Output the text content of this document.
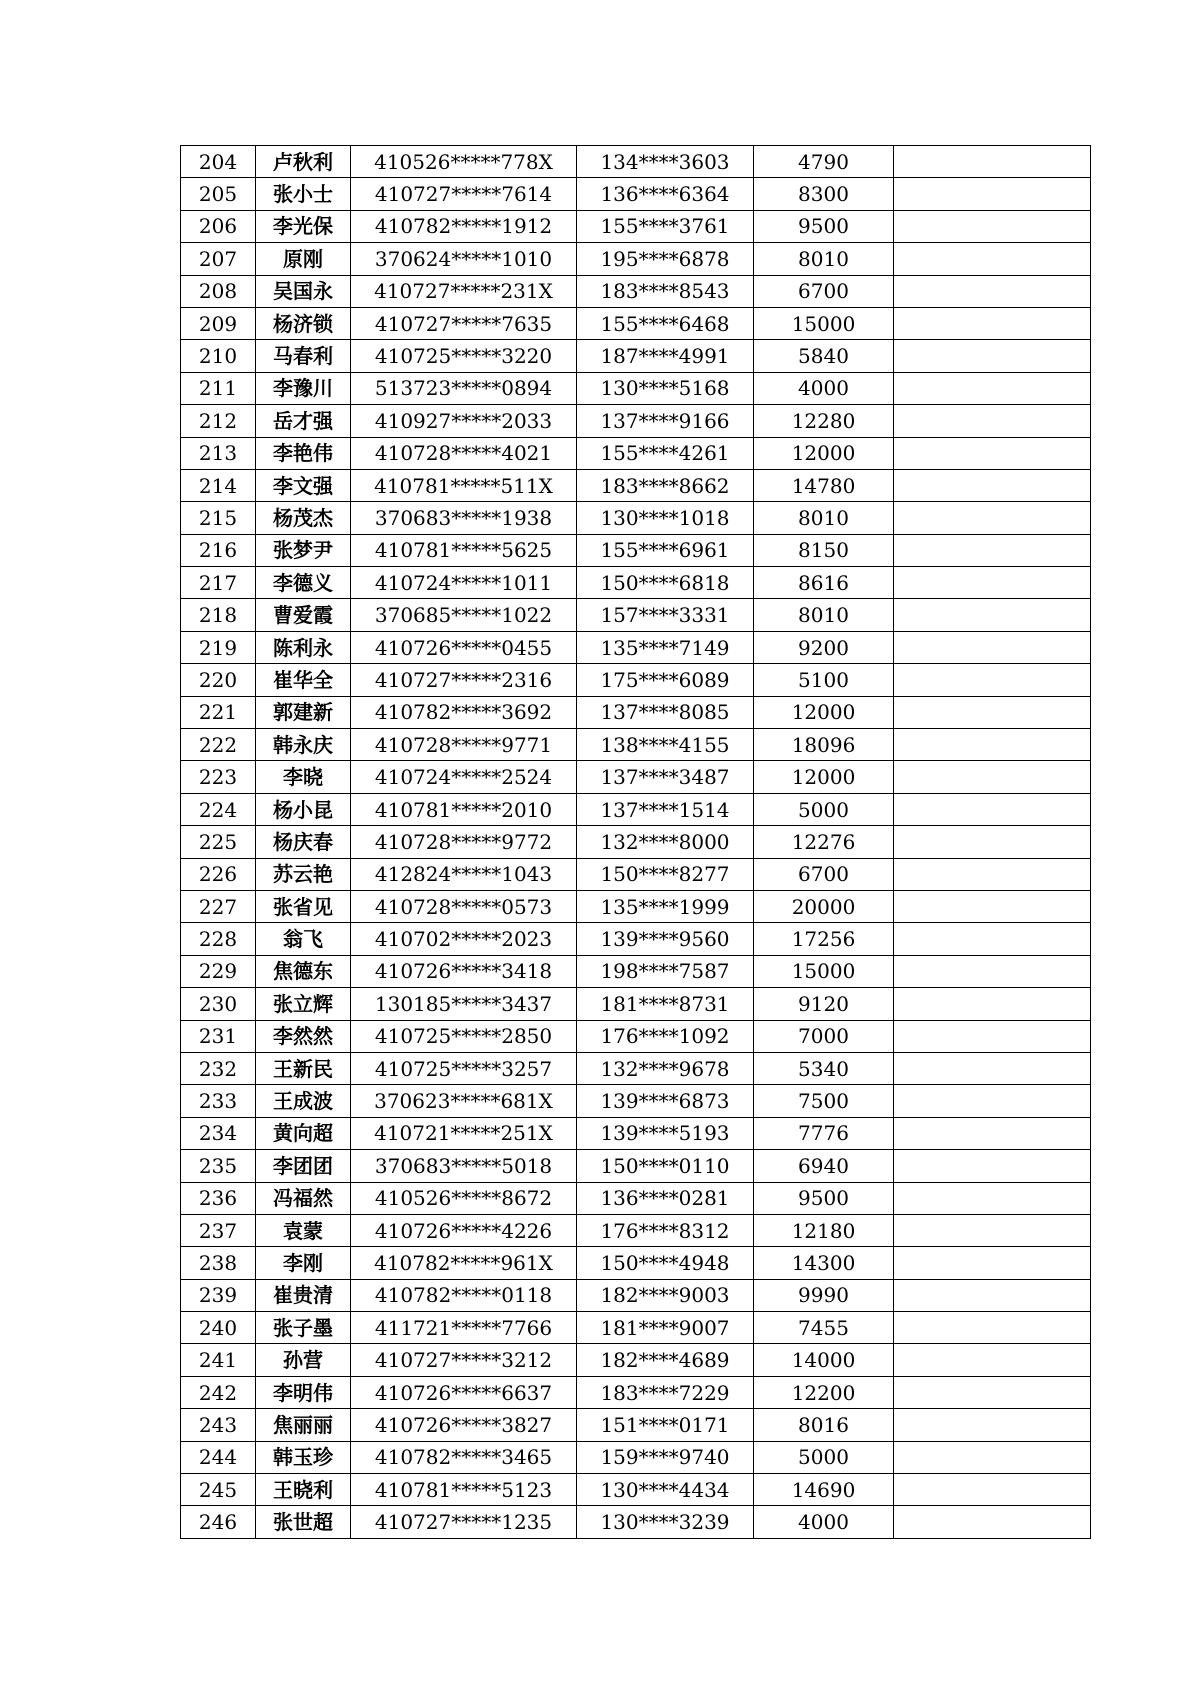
204	卢秋利	410526*****778X	134****3603	4790	
205	张小士	410727*****7614	136****6364	8300	
206	李光保	410782*****1912	155****3761	9500	
207	原刚	370624*****1010	195****6878	8010	
208	吴国永	410727*****231X	183****8543	6700	
209	杨济锁	410727*****7635	155****6468	15000	
210	马春利	410725*****3220	187****4991	5840	
211	李豫川	513723*****0894	130****5168	4000	
212	岳才强	410927*****2033	137****9166	12280	
213	李艳伟	410728*****4021	155****4261	12000	
214	李文强	410781*****511X	183****8662	14780	
215	杨茂杰	370683*****1938	130****1018	8010	
216	张梦尹	410781*****5625	155****6961	8150	
217	李德义	410724*****1011	150****6818	8616	
218	曹爱霞	370685*****1022	157****3331	8010	
219	陈利永	410726*****0455	135****7149	9200	
220	崔华全	410727*****2316	175****6089	5100	
221	郭建新	410782*****3692	137****8085	12000	
222	韩永庆	410728*****9771	138****4155	18096	
223	李晓	410724*****2524	137****3487	12000	
224	杨小昆	410781*****2010	137****1514	5000	
225	杨庆春	410728*****9772	132****8000	12276	
226	苏云艳	412824*****1043	150****8277	6700	
227	张省见	410728*****0573	135****1999	20000	
228	翁飞	410702*****2023	139****9560	17256	
229	焦德东	410726*****3418	198****7587	15000	
230	张立辉	130185*****3437	181****8731	9120	
231	李然然	410725*****2850	176****1092	7000	
232	王新民	410725*****3257	132****9678	5340	
233	王成波	370623*****681X	139****6873	7500	
234	黄向超	410721*****251X	139****5193	7776	
235	李团团	370683*****5018	150****0110	6940	
236	冯福然	410526*****8672	136****0281	9500	
237	袁蒙	410726*****4226	176****8312	12180	
238	李刚	410782*****961X	150****4948	14300	
239	崔贵清	410782*****0118	182****9003	9990	
240	张子墨	411721*****7766	181****9007	7455	
241	孙营	410727*****3212	182****4689	14000	
242	李明伟	410726*****6637	183****7229	12200	
243	焦丽丽	410726*****3827	151****0171	8016	
244	韩玉珍	410782*****3465	159****9740	5000	
245	王晓利	410781*****5123	130****4434	14690	
246	张世超	410727*****1235	130****3239	4000	
